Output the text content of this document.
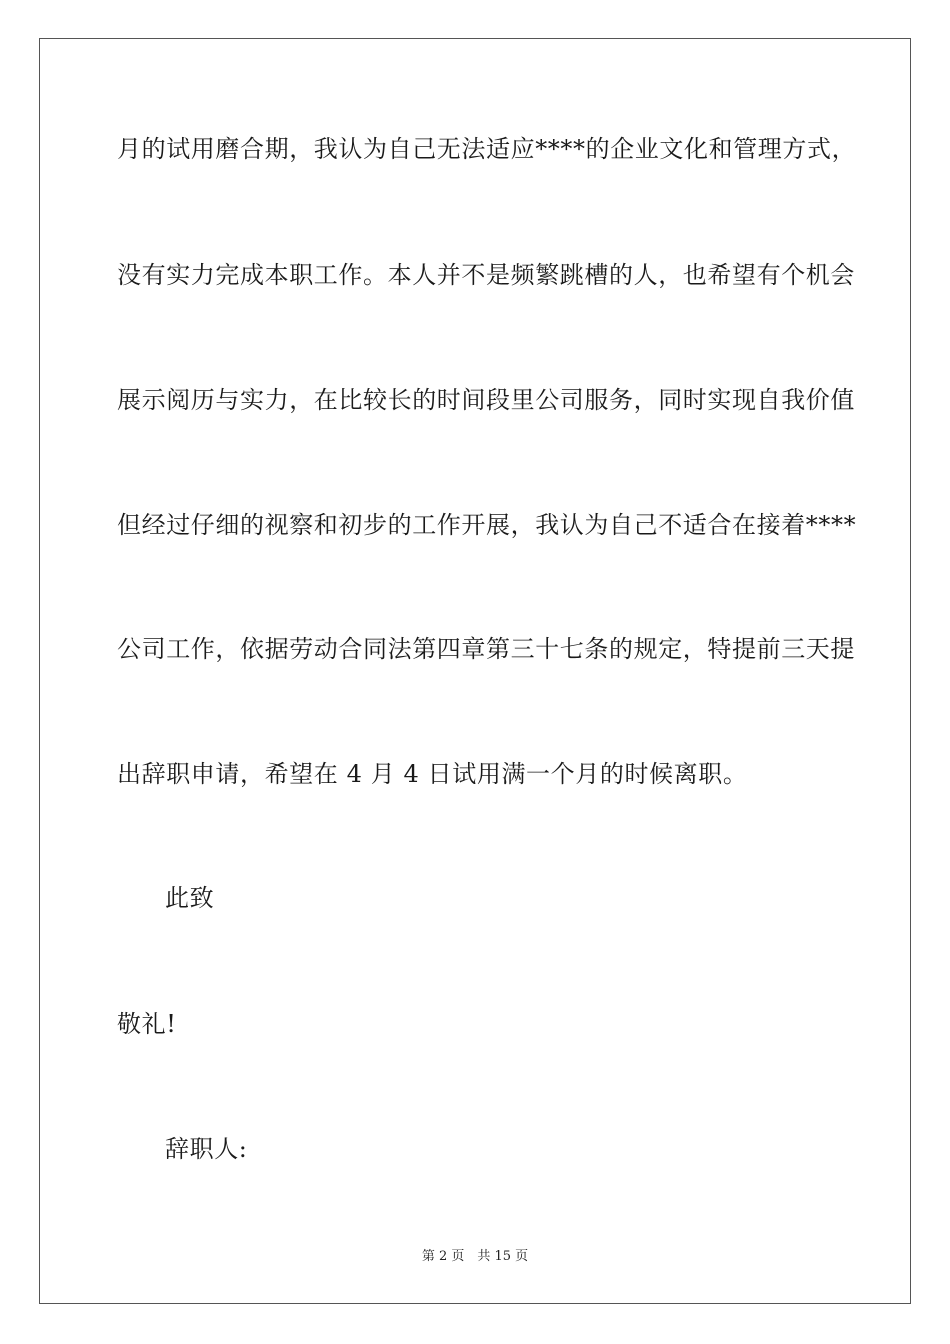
月的试用磨合期，我认为自己无法适应****的企业文化和管理方式，
没有实力完成本职工作。本人并不是频繁跳槽的人，也希望有个机会
展示阅历与实力，在比较长的时间段里公司服务，同时实现自我价值
但经过仔细的视察和初步的工作开展，我认为自己不适合在接着****
公司工作，依据劳动合同法第四章第三十七条的规定，特提前三天提
出辞职申请，希望在 4 月 4 日试用满一个月的时候离职。
此致
敬礼!
辞职人:
第 2 页　共 15 页
